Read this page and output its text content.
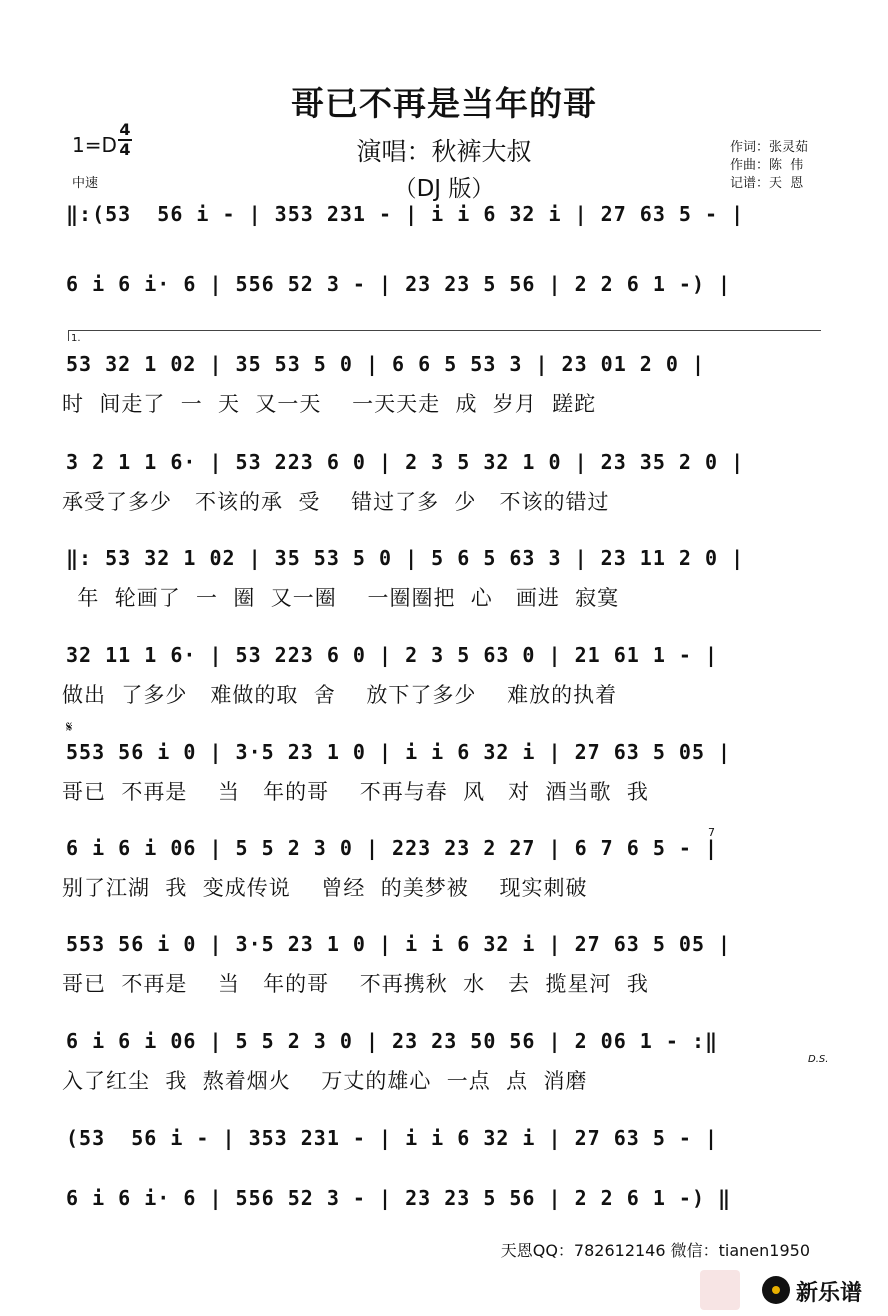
哥已不再是当年的哥
1=D
4
4
中速
演唱：秋裤大叔
（DJ 版）
作词：张灵茹
作曲：陈  伟
记谱：天  恩
‖:(53  56 i - | 353 231 - | i i 6 32 i | 27 63 5 - |
6 i 6 i· 6 | 556 52 3 - | 23 23 5 56 | 2 2 6 1 -) |
1.
53 32 1 02 | 35 53 5 0 | 6 6 5 53 3 | 23 01 2 0 |
时  间走了  一  天  又一天    一天天走  成  岁月  蹉跎
3 2 1 1 6· | 53 223 6 0 | 2 3 5 32 1 0 | 23 35 2 0 |
承受了多少   不该的承  受    错过了多  少   不该的错过
‖: 53 32 1 02 | 35 53 5 0 | 5 6 5 63 3 | 23 11 2 0 |
年  轮画了  一  圈  又一圈    一圈圈把  心   画进  寂寞
32 11 1 6· | 53 223 6 0 | 2 3 5 63 0 | 21 61 1 - |
做出  了多少   难做的取  舍    放下了多少    难放的执着
𝄋
553 56 i 0 | 3·5 23 1 0 | i i 6 32 i | 27 63 5 05 |
哥已  不再是    当   年的哥    不再与春  风   对  酒当歌  我
7
6 i 6 i 06 | 5 5 2 3 0 | 223 23 2 27 | 6 7 6 5 - |
别了江湖  我  变成传说    曾经  的美梦被    现实刺破
553 56 i 0 | 3·5 23 1 0 | i i 6 32 i | 27 63 5 05 |
哥已  不再是    当   年的哥    不再携秋  水   去  揽星河  我
6 i 6 i 06 | 5 5 2 3 0 | 23 23 50 56 | 2 06 1 - :‖
D.S.
入了红尘  我  熬着烟火    万丈的雄心  一点  点  消磨
(53  56 i - | 353 231 - | i i 6 32 i | 27 63 5 - |
6 i 6 i· 6 | 556 52 3 - | 23 23 5 56 | 2 2 6 1 -) ‖
天恩QQ：782612146 微信：tianen1950
新乐谱
